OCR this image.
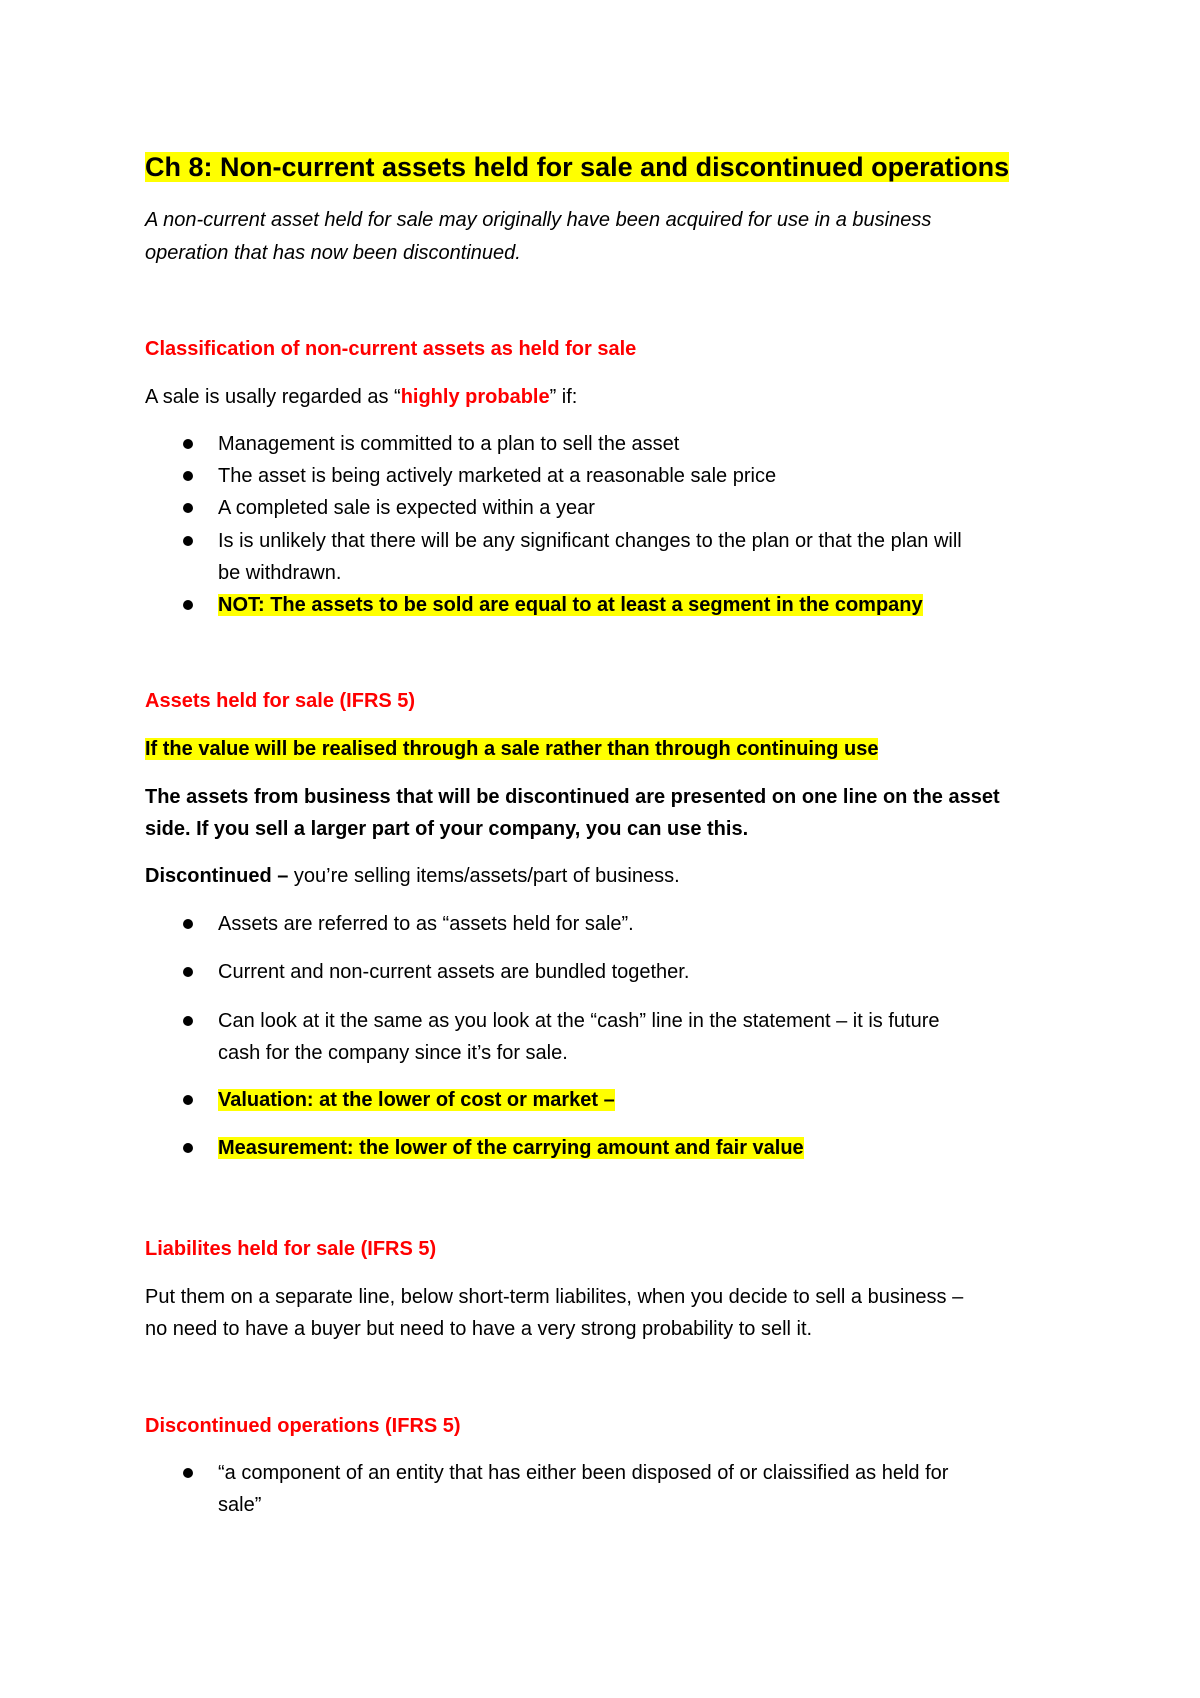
Ch 8: Non-current assets held for sale and discontinued operations

A non-current asset held for sale may originally have been acquired for use in a business

operation that has now been discontinued.

Classification of non-current assets as held for sale

A sale is usally regarded as “highly probable” if:

Management is committed to a plan to sell the asset

The asset is being actively marketed at a reasonable sale price

A completed sale is expected within a year

Is is unlikely that there will be any significant changes to the plan or that the plan will

be withdrawn.

NOT: The assets to be sold are equal to at least a segment in the company

Assets held for sale (IFRS 5)

If the value will be realised through a sale rather than through continuing use

The assets from business that will be discontinued are presented on one line on the asset

side. If you sell a larger part of your company, you can use this.

Discontinued – you’re selling items/assets/part of business.

Assets are referred to as “assets held for sale”.

Current and non-current assets are bundled together.

Can look at it the same as you look at the “cash” line in the statement – it is future

cash for the company since it’s for sale.

Valuation: at the lower of cost or market –

Measurement: the lower of the carrying amount and fair value

Liabilites held for sale (IFRS 5)

Put them on a separate line, below short-term liabilites, when you decide to sell a business –

no need to have a buyer but need to have a very strong probability to sell it.

Discontinued operations (IFRS 5)

“a component of an entity that has either been disposed of or claissified as held for

sale”
